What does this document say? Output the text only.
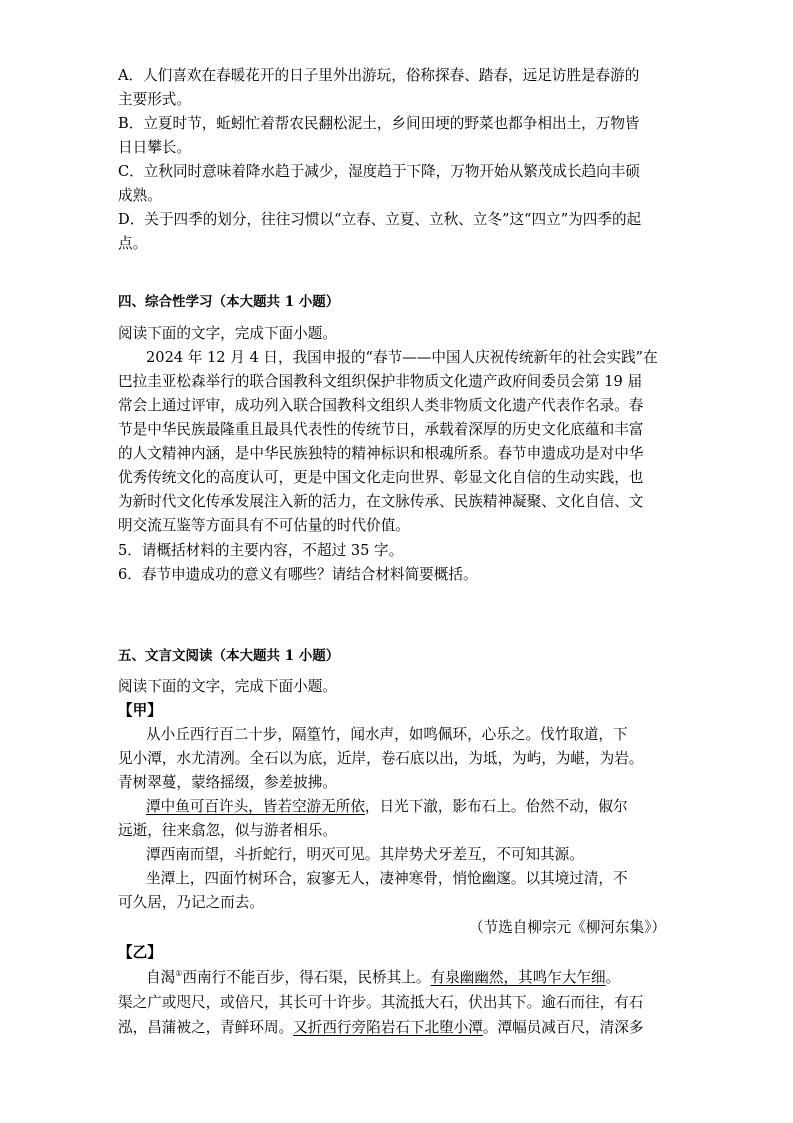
A．人们喜欢在春暖花开的日子里外出游玩，俗称探春、踏春，远足访胜是春游的
主要形式。
B．立夏时节，蚯蚓忙着帮农民翻松泥土，乡间田埂的野菜也都争相出土，万物皆
日日攀长。
C．立秋同时意味着降水趋于减少，湿度趋于下降，万物开始从繁茂成长趋向丰硕
成熟。
D．关于四季的划分，往往习惯以“立春、立夏、立秋、立冬”这“四立”为四季的起
点。
四、综合性学习（本大题共 1 小题）
阅读下面的文字，完成下面小题。
2024 年 12 月 4 日，我国申报的“春节——中国人庆祝传统新年的社会实践”在
巴拉圭亚松森举行的联合国教科文组织保护非物质文化遗产政府间委员会第 19 届
常会上通过评审，成功列入联合国教科文组织人类非物质文化遗产代表作名录。春
节是中华民族最隆重且最具代表性的传统节日，承载着深厚的历史文化底蕴和丰富
的人文精神内涵，是中华民族独特的精神标识和根魂所系。春节申遗成功是对中华
优秀传统文化的高度认可，更是中国文化走向世界、彰显文化自信的生动实践，也
为新时代文化传承发展注入新的活力，在文脉传承、民族精神凝聚、文化自信、文
明交流互鉴等方面具有不可估量的时代价值。
5．请概括材料的主要内容，不超过 35 字。
6．春节申遗成功的意义有哪些？请结合材料简要概括。
五、文言文阅读（本大题共 1 小题）
阅读下面的文字，完成下面小题。
【甲】
从小丘西行百二十步，隔篁竹，闻水声，如鸣佩环，心乐之。伐竹取道，下
见小潭，水尤清冽。全石以为底，近岸，卷石底以出，为坻，为屿，为嵁，为岩。
青树翠蔓，蒙络摇缀，参差披拂。
潭中鱼可百许头，皆若空游无所依，日光下澈，影布石上。佁然不动，俶尔
远逝，往来翕忽，似与游者相乐。
潭西南而望，斗折蛇行，明灭可见。其岸势犬牙差互，不可知其源。
坐潭上，四面竹树环合，寂寥无人，凄神寒骨，悄怆幽邃。以其境过清，不
可久居，乃记之而去。
（节选自柳宗元《柳河东集》）
【乙】
自渴①西南行不能百步，得石渠，民桥其上。有泉幽幽然，其鸣乍大乍细。
渠之广或咫尺，或倍尺，其长可十许步。其流抵大石，伏出其下。逾石而往，有石
泓，昌蒲被之，青鲜环周。又折西行旁陷岩石下北堕小潭。潭幅员减百尺，清深多
